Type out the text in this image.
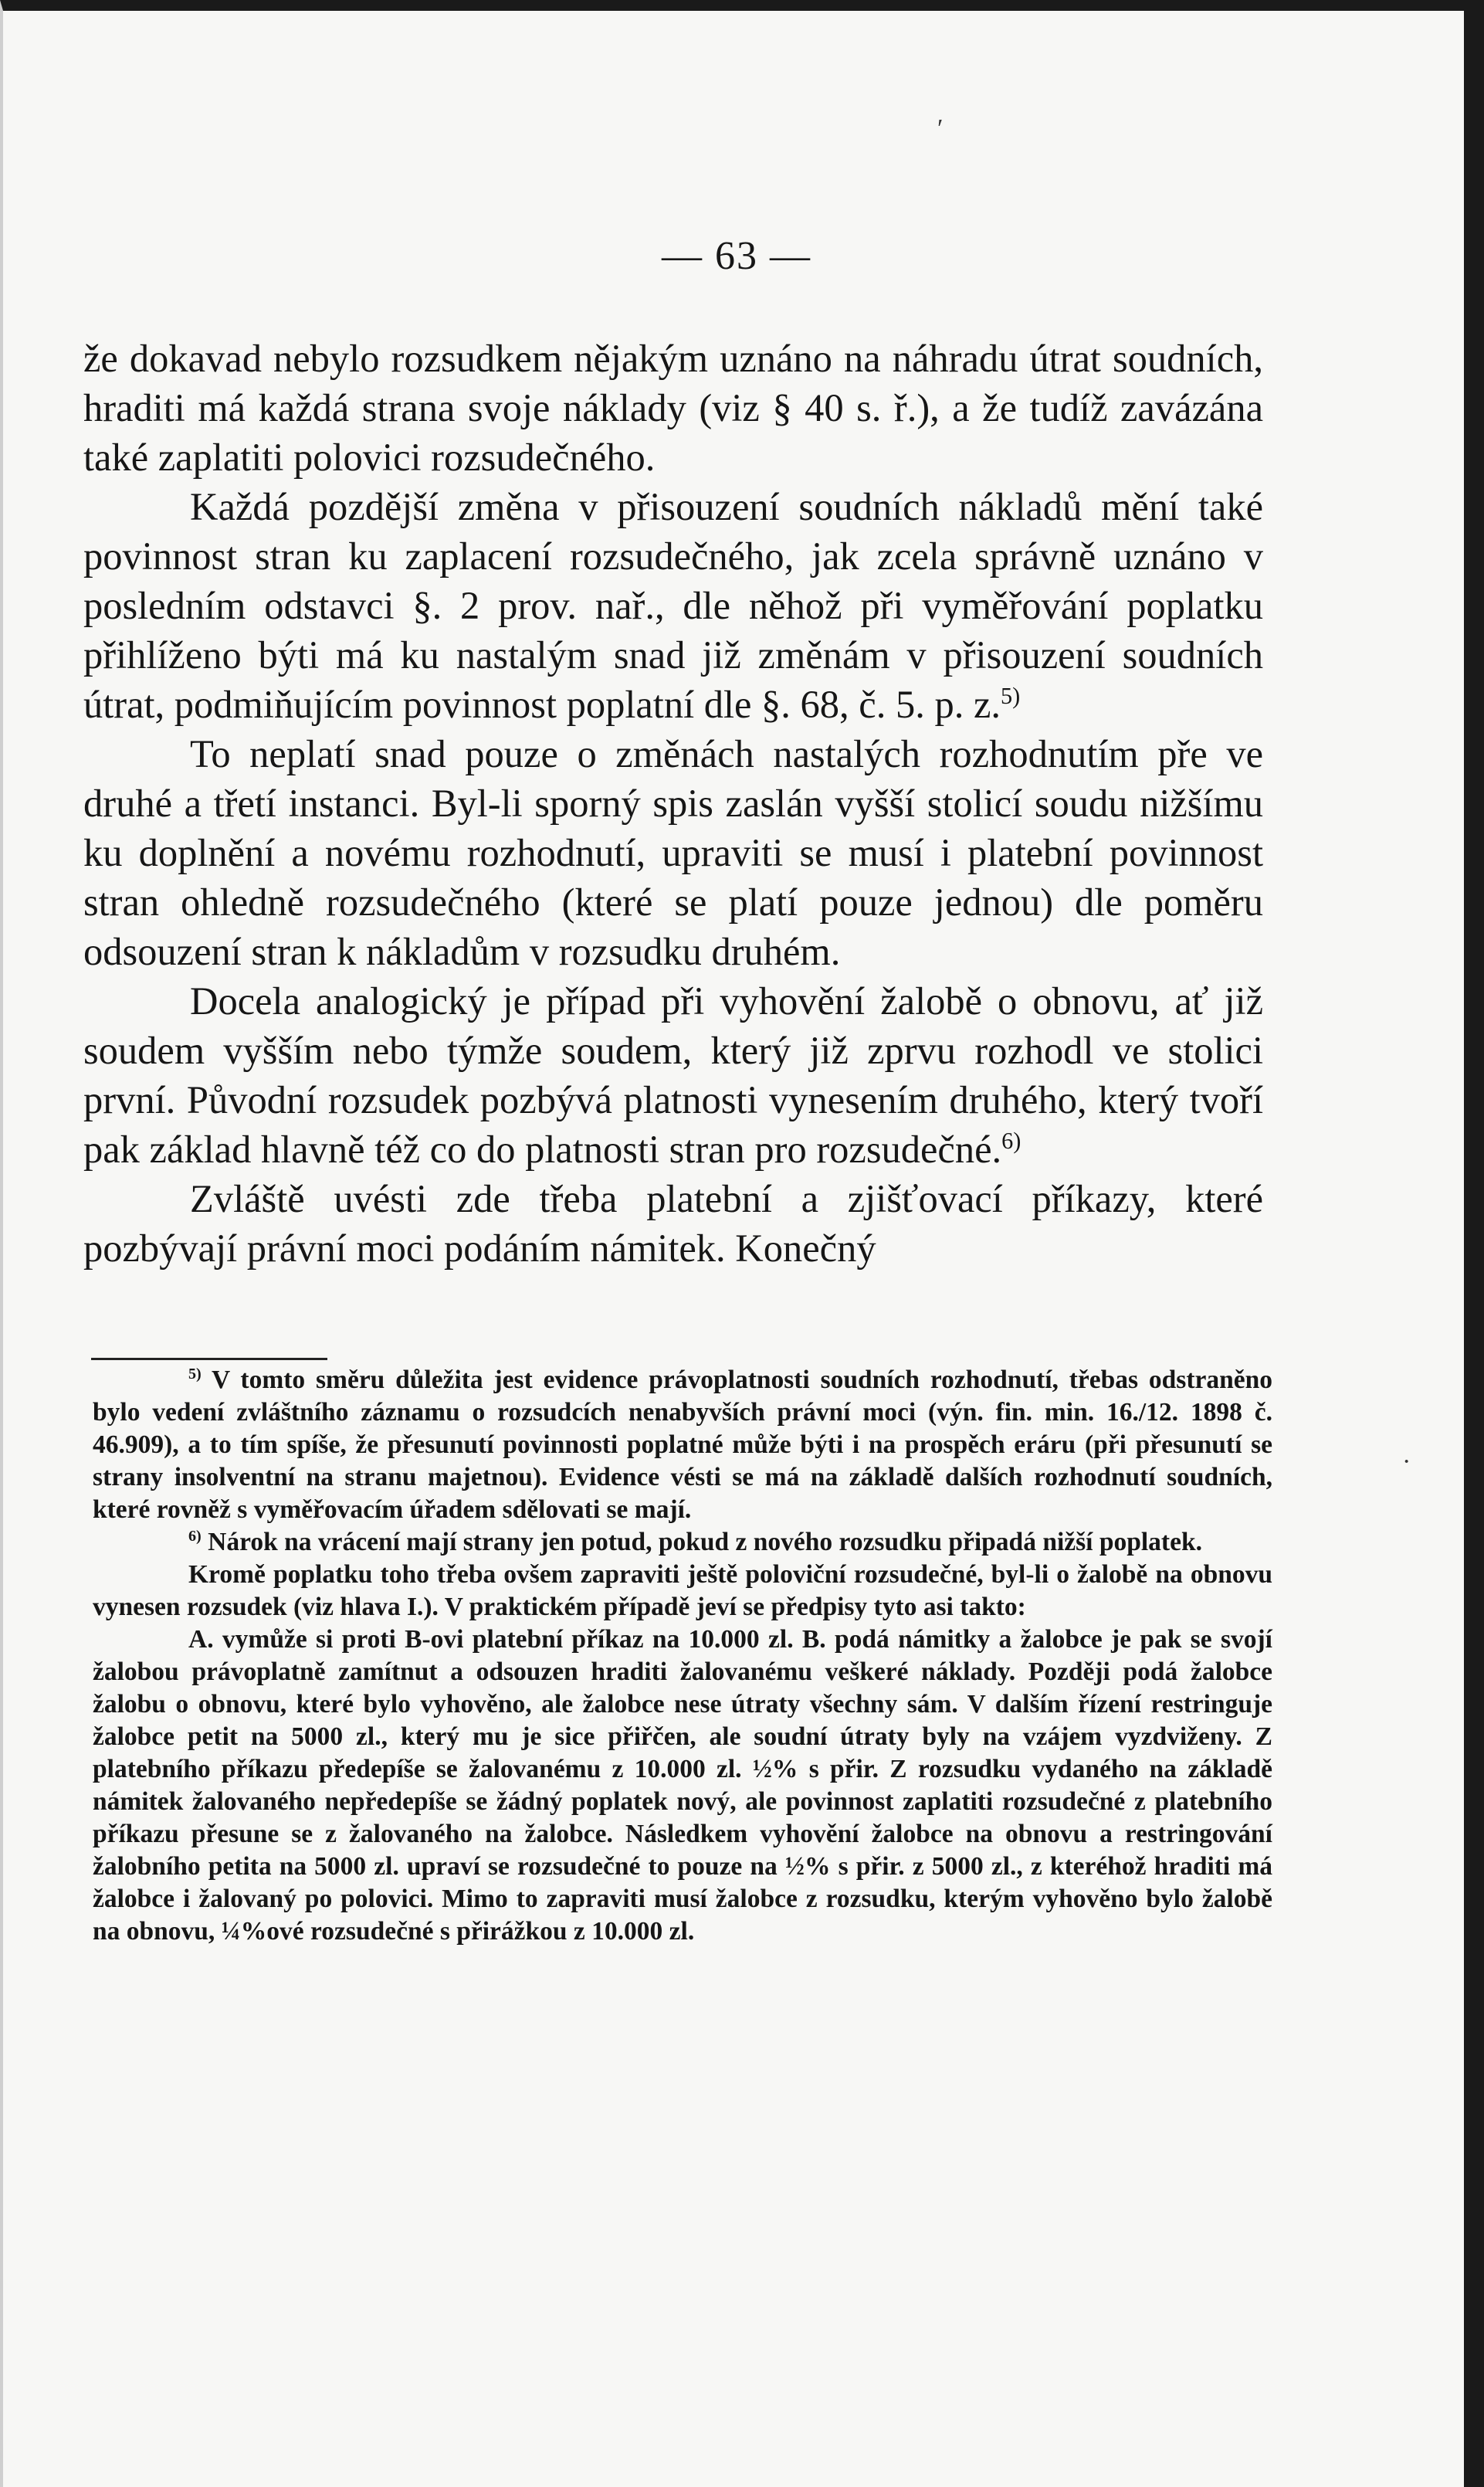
— 63 —

že dokavad nebylo rozsudkem nějakým uznáno na náhradu útrat soudních, hraditi má každá strana svoje náklady (viz § 40 s. ř.), a že tudíž zavázána také zaplatiti polovici rozsudečného.

Každá pozdější změna v přisouzení soudních nákladů mění také povinnost stran ku zaplacení rozsudečného, jak zcela správně uznáno v posledním odstavci §. 2 prov. nař., dle něhož při vyměřování poplatku přihlíženo býti má ku nastalým snad již změnám v přisouzení soudních útrat, podmiňujícím povinnost poplatní dle §. 68, č. 5. p. z.$^{5)}$

To neplatí snad pouze o změnách nastalých rozhodnutím pře ve druhé a třetí instanci. Byl-li sporný spis zaslán vyšší stolicí soudu nižšímu ku doplnění a novému rozhodnutí, upraviti se musí i platební povinnost stran ohledně rozsudečného (které se platí pouze jednou) dle poměru odsouzení stran k nákladům v rozsudku druhém.

Docela analogický je případ při vyhovění žalobě o obnovu, ať již soudem vyšším nebo týmže soudem, který již zprvu rozhodl ve stolici první. Původní rozsudek pozbývá platnosti vynesením druhého, který tvoří pak základ hlavně též co do platnosti stran pro rozsudečné.$^{6)}$

Zvláště uvésti zde třeba platební a zjišťovací příkazy, které pozbývají právní moci podáním námitek. Konečný

$^{5)}$ V tomto směru důležita jest evidence právoplatnosti soudních rozhodnutí, třebas odstraněno bylo vedení zvláštního záznamu o rozsudcích nenabyvších právní moci (výn. fin. min. 16./12. 1898 č. 46.909), a to tím spíše, že přesunutí povinnosti poplatné může býti i na prospěch eráru (při přesunutí se strany insolventní na stranu majetnou). Evidence vésti se má na základě dalších rozhodnutí soudních, které rovněž s vyměřovacím úřadem sdělovati se mají.

$^{6)}$ Nárok na vrácení mají strany jen potud, pokud z nového rozsudku připadá nižší poplatek.

Kromě poplatku toho třeba ovšem zapraviti ještě poloviční rozsudečné, byl-li o žalobě na obnovu vynesen rozsudek (viz hlava I.). V praktickém případě jeví se předpisy tyto asi takto:

A. vymůže si proti B-ovi platební příkaz na 10.000 zl. B. podá námitky a žalobce je pak se svojí žalobou právoplatně zamítnut a odsouzen hraditi žalovanému veškeré náklady. Později podá žalobce žalobu o obnovu, které bylo vyhověno, ale žalobce nese útraty všechny sám. V dalším řízení restringuje žalobce petit na 5000 zl., který mu je sice přiřčen, ale soudní útraty byly na vzájem vyzdviženy. Z platebního příkazu předepíše se žalovanému z 10.000 zl. ½% s přir. Z rozsudku vydaného na základě námitek žalovaného nepředepíše se žádný poplatek nový, ale povinnost zaplatiti rozsudečné z platebního příkazu přesune se z žalovaného na žalobce. Následkem vyhovění žalobce na obnovu a restringování žalobního petita na 5000 zl. upraví se rozsudečné to pouze na ½% s přir. z 5000 zl., z kteréhož hraditi má žalobce i žalovaný po polovici. Mimo to zapraviti musí žalobce z rozsudku, kterým vyhověno bylo žalobě na obnovu, ¼%ové rozsudečné s přirážkou z 10.000 zl.

′
·
